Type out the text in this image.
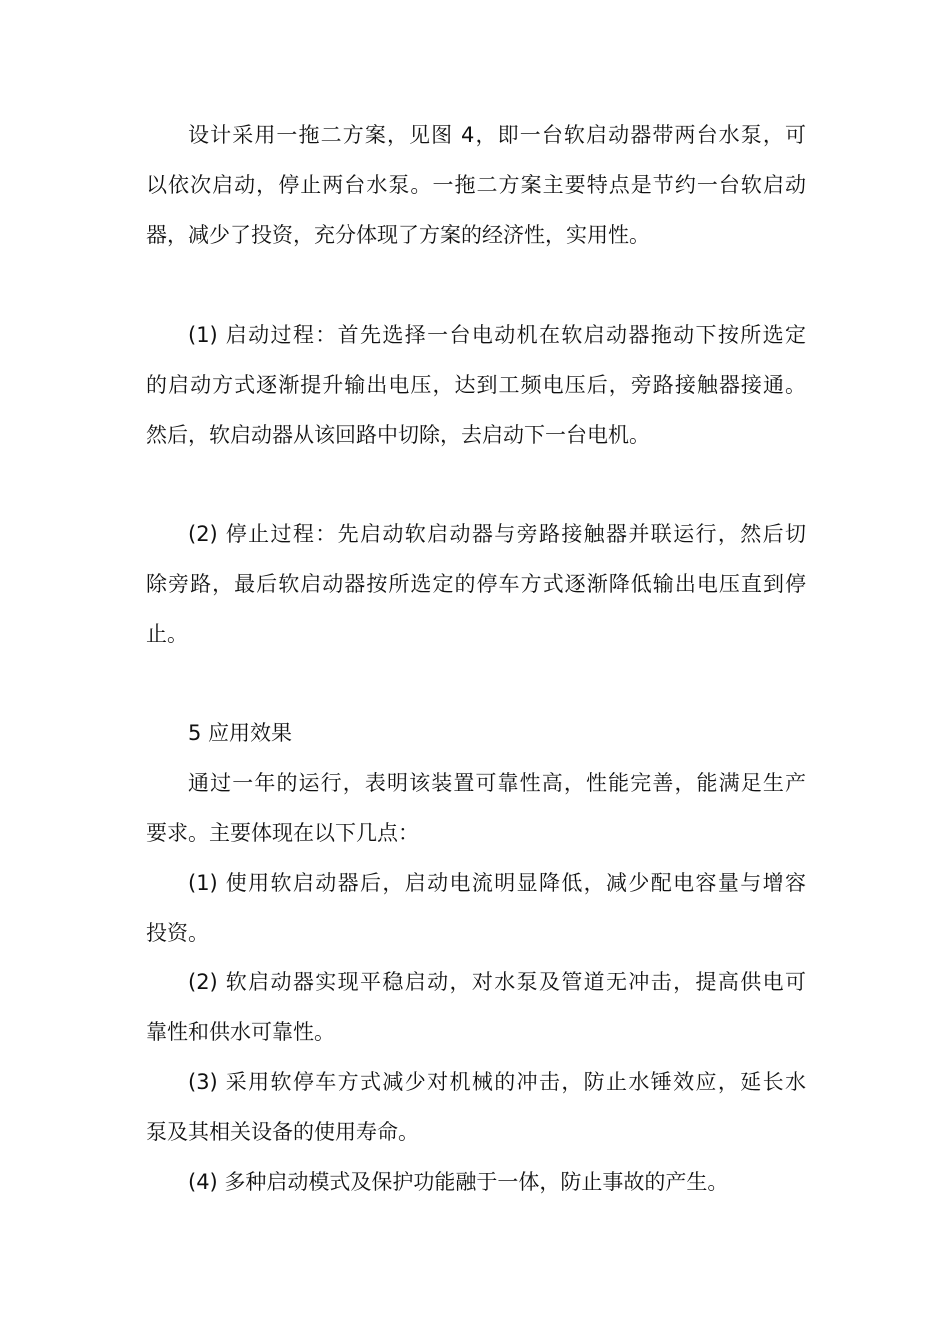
设计采用一拖二方案，见图 4，即一台软启动器带两台水泵，可
以依次启动，停止两台水泵。一拖二方案主要特点是节约一台软启动
器，减少了投资，充分体现了方案的经济性，实用性。
(1) 启动过程：首先选择一台电动机在软启动器拖动下按所选定
的启动方式逐渐提升输出电压，达到工频电压后，旁路接触器接通。
然后，软启动器从该回路中切除，去启动下一台电机。
(2) 停止过程：先启动软启动器与旁路接触器并联运行，然后切
除旁路，最后软启动器按所选定的停车方式逐渐降低输出电压直到停
止。
5 应用效果
通过一年的运行，表明该装置可靠性高，性能完善，能满足生产
要求。主要体现在以下几点：
(1) 使用软启动器后，启动电流明显降低，减少配电容量与增容
投资。
(2) 软启动器实现平稳启动，对水泵及管道无冲击，提高供电可
靠性和供水可靠性。
(3) 采用软停车方式减少对机械的冲击，防止水锤效应，延长水
泵及其相关设备的使用寿命。
(4) 多种启动模式及保护功能融于一体，防止事故的产生。
